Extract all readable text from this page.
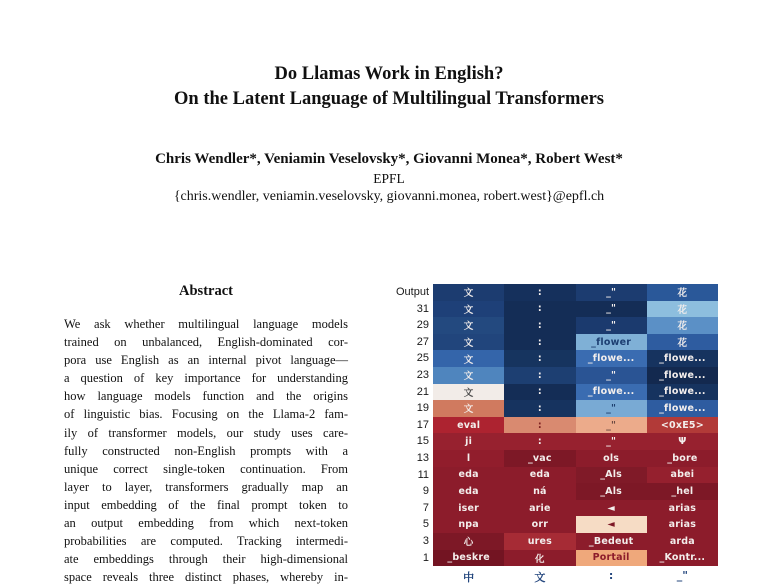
Do Llamas Work in English?
On the Latent Language of Multilingual Transformers
Chris Wendler*, Veniamin Veselovsky*, Giovanni Monea*, Robert West*
EPFL
{chris.wendler, veniamin.veselovsky, giovanni.monea, robert.west}@epfl.ch
Abstract
We ask whether multilingual language models
trained on unbalanced, English-dominated cor-
pora use English as an internal pivot language—
a question of key importance for understanding
how language models function and the origins
of linguistic bias. Focusing on the Llama-2 fam-
ily of transformer models, our study uses care-
fully constructed non-English prompts with a
unique correct single-token continuation. From
layer to layer, transformers gradually map an
input embedding of the final prompt token to
an output embedding from which next-token
probabilities are computed. Tracking intermedi-
ate embeddings through their high-dimensional
space reveals three distinct phases, whereby in-
Output	文	:	_"	花
31	文	:	_"	花
29	文	:	_"	花
27	文	:	_flower	花
25	文	:	_flowe...	_flowe...
23	文	:	_"	_flowe...
21	文	:	_flowe...	_flowe...
19	文	:	_"	_flowe...
17	eval	:	_"	<0xE5>
15	ji	:	_"	Ψ
13	l	_vac	ols	_bore
11	eda	eda	_Als	abei
9	eda	ná	_Als	_hel
7	iser	arie	◄	arias
5	npa	orr	◄	arias
3	心	ures	_Bedeut	arda
1	_beskre	化	Portail	_Kontr...
中	文	:	_"
